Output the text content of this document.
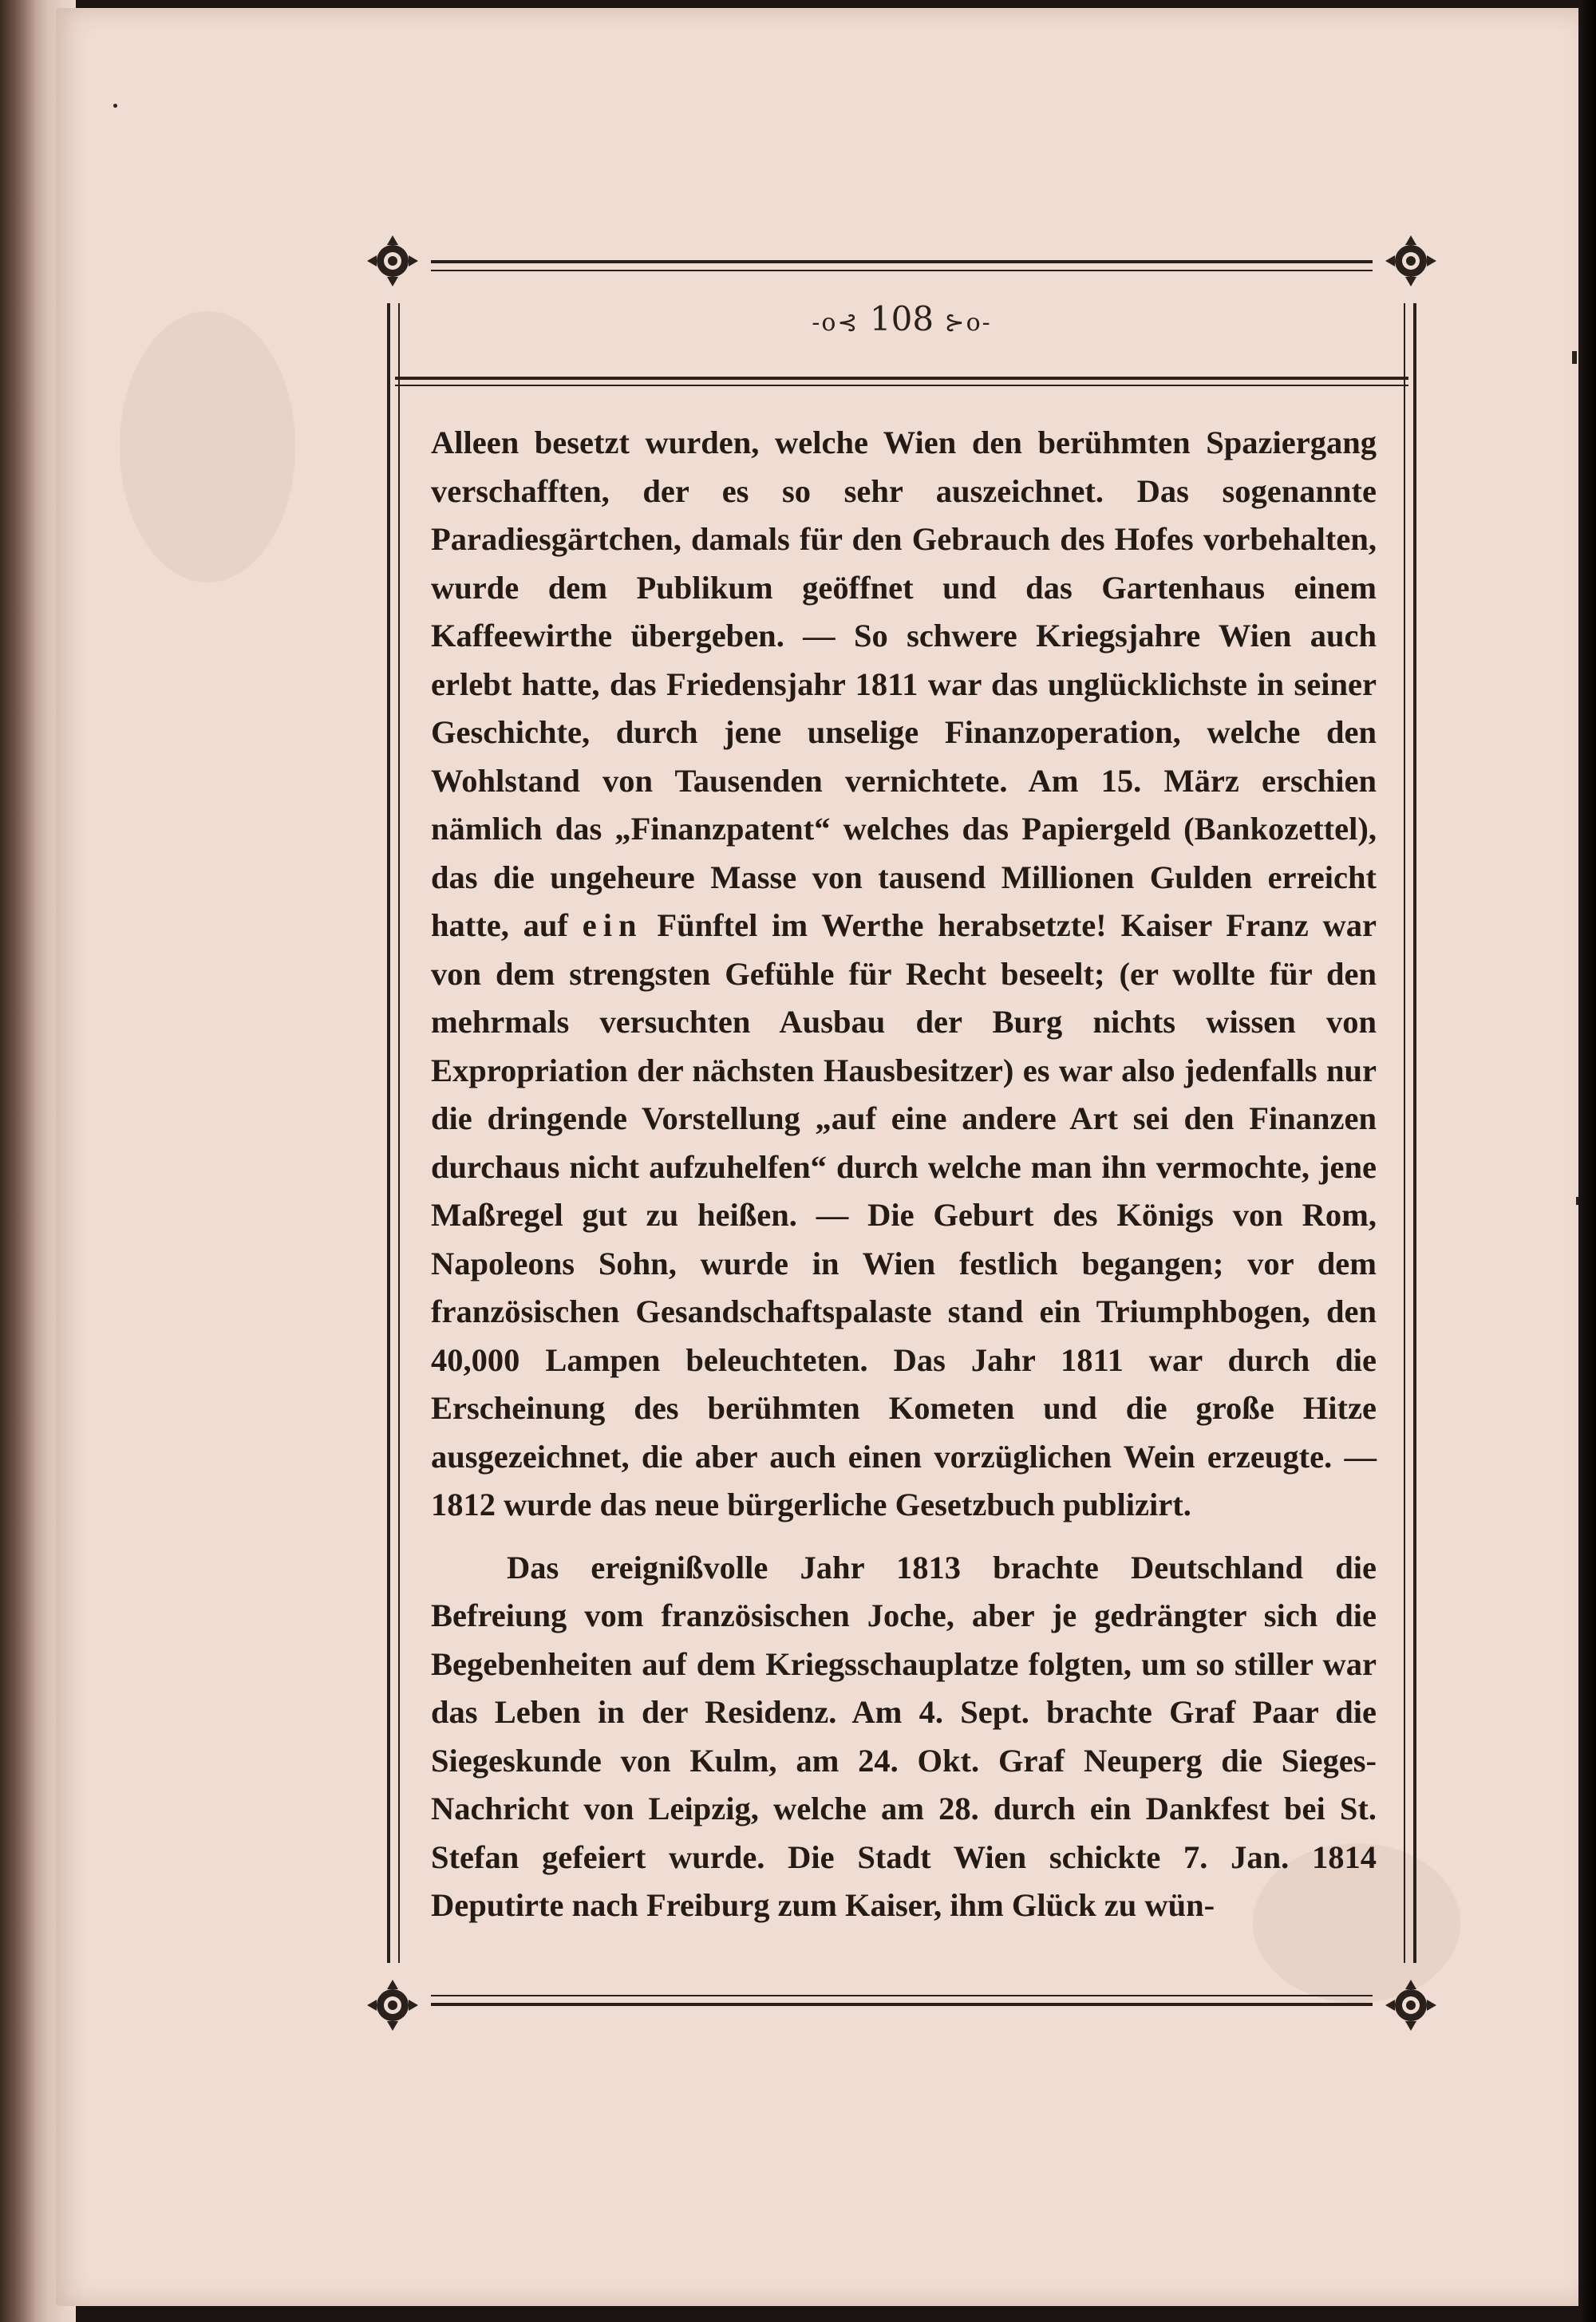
-o⊰ 108 ⊱o-

Alleen besetzt wurden, welche Wien den berühmten Spaziergang verschafften, der es so sehr auszeichnet. Das sogenannte Paradiesgärtchen, damals für den Gebrauch des Hofes vorbehalten, wurde dem Publikum geöffnet und das Gartenhaus einem Kaffeewirthe übergeben. — So schwere Kriegsjahre Wien auch erlebt hatte, das Friedensjahr 1811 war das unglücklichste in seiner Geschichte, durch jene unselige Finanzoperation, welche den Wohlstand von Tausenden vernichtete. Am 15. März erschien nämlich das „Finanzpatent“ welches das Papiergeld (Bankozettel), das die ungeheure Masse von tausend Millionen Gulden erreicht hatte, auf ein Fünftel im Werthe herabsetzte! Kaiser Franz war von dem strengsten Gefühle für Recht beseelt; (er wollte für den mehrmals versuchten Ausbau der Burg nichts wissen von Expropriation der nächsten Hausbesitzer) es war also jedenfalls nur die dringende Vorstellung „auf eine andere Art sei den Finanzen durchaus nicht aufzuhelfen“ durch welche man ihn vermochte, jene Maßregel gut zu heißen. — Die Geburt des Königs von Rom, Napoleons Sohn, wurde in Wien festlich begangen; vor dem französischen Gesandschaftspalaste stand ein Triumphbogen, den 40,000 Lampen beleuchteten. Das Jahr 1811 war durch die Erscheinung des berühmten Kometen und die große Hitze ausgezeichnet, die aber auch einen vorzüglichen Wein erzeugte. — 1812 wurde das neue bürgerliche Gesetzbuch publizirt.

Das ereignißvolle Jahr 1813 brachte Deutschland die Befreiung vom französischen Joche, aber je gedrängter sich die Begebenheiten auf dem Kriegsschauplatze folgten, um so stiller war das Leben in der Residenz. Am 4. Sept. brachte Graf Paar die Siegeskunde von Kulm, am 24. Okt. Graf Neuperg die Sieges-Nachricht von Leipzig, welche am 28. durch ein Dankfest bei St. Stefan gefeiert wurde. Die Stadt Wien schickte 7. Jan. 1814 Deputirte nach Freiburg zum Kaiser, ihm Glück zu wün-
